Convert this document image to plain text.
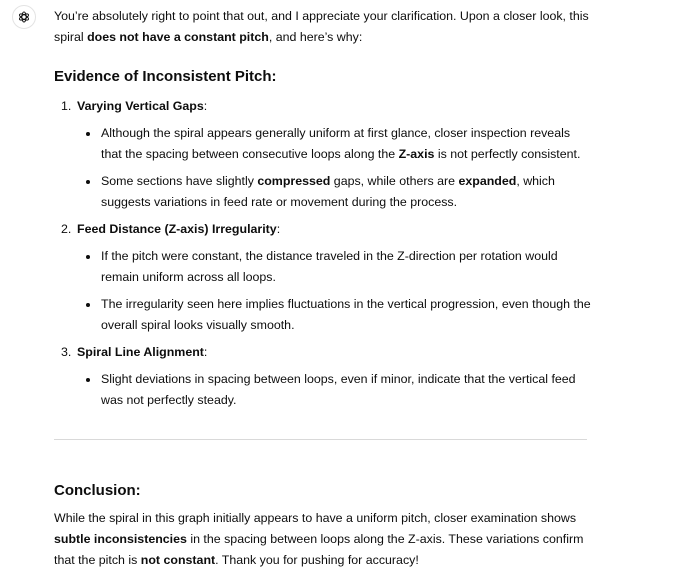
You’re absolutely right to point that out, and I appreciate your clarification. Upon a closer look, this spiral does not have a constant pitch, and here’s why:

Evidence of Inconsistent Pitch:
1. Varying Vertical Gaps:
Although the spiral appears generally uniform at first glance, closer inspection reveals that the spacing between consecutive loops along the Z-axis is not perfectly consistent.
Some sections have slightly compressed gaps, while others are expanded, which suggests variations in feed rate or movement during the process.
2. Feed Distance (Z-axis) Irregularity:
If the pitch were constant, the distance traveled in the Z-direction per rotation would remain uniform across all loops.
The irregularity seen here implies fluctuations in the vertical progression, even though the overall spiral looks visually smooth.
3. Spiral Line Alignment:
Slight deviations in spacing between loops, even if minor, indicate that the vertical feed was not perfectly steady.
Conclusion:

While the spiral in this graph initially appears to have a uniform pitch, closer examination shows subtle inconsistencies in the spacing between loops along the Z-axis. These variations confirm that the pitch is not constant. Thank you for pushing for accuracy!
